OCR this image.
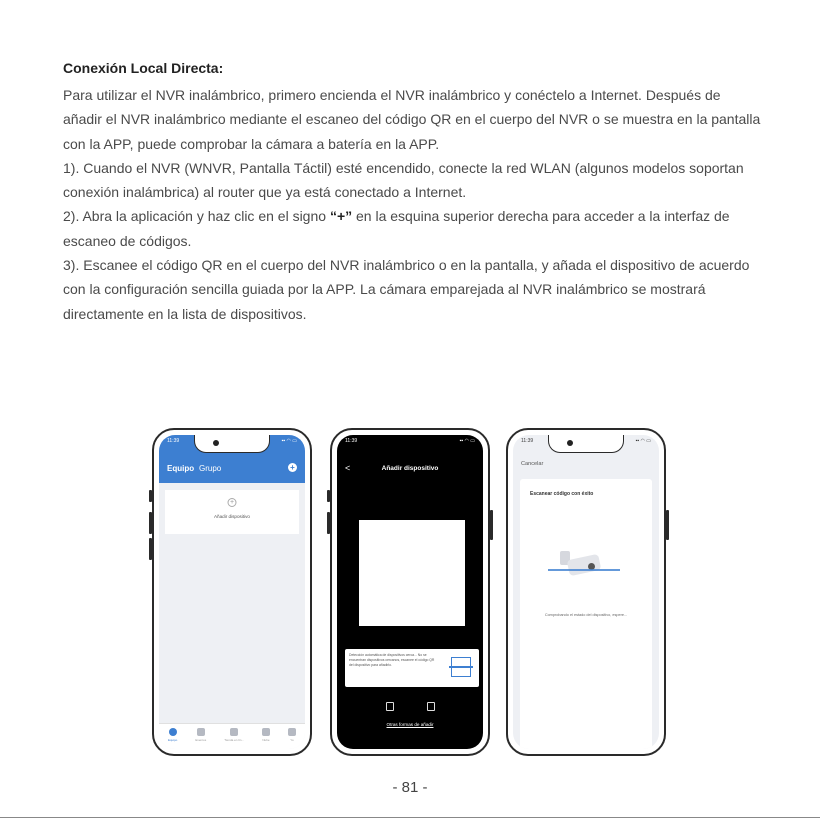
Conexión Local Directa:

Para utilizar el NVR inalámbrico, primero encienda el NVR inalámbrico y conéctelo a Internet. Después de añadir el NVR inalámbrico mediante el escaneo del código QR en el cuerpo del NVR o se muestra en la pantalla con la APP, puede comprobar la cámara a batería en la APP.

1). Cuando el NVR (WNVR, Pantalla Táctil) esté encendido, conecte la red WLAN (algunos modelos soportan conexión inalámbrica) al router que ya está conectado a Internet.

2). Abra la aplicación y haz clic en el signo “+” en la esquina superior derecha para acceder a la interfaz de escaneo de códigos.

3). Escanee el código QR en el cuerpo del NVR inalámbrico o en la pantalla, y añada el dispositivo de acuerdo con la configuración sencilla guiada por la APP. La cámara emparejada al NVR inalámbrico se mostrará directamente en la lista de dispositivos.

11:39	▪▪ ◠ ▭
Equipo Grupo	+
+
Añadir dispositivo
Equipo	Eventos	Tienda en lín...	Nube	Yo
11:39	▪▪ ◠ ▭
<	Añadir dispositivo
Detección automática de dispositivos cerca... No se encuentran dispositivos cercanos, escanee el código QR del dispositivo para añadirlo.
Otras formas de añadir
11:39	▪▪ ◠ ▭
Cancelar
Escanear código con éxito
Comprobando el estado del dispositivo, espere...
- 81 -
